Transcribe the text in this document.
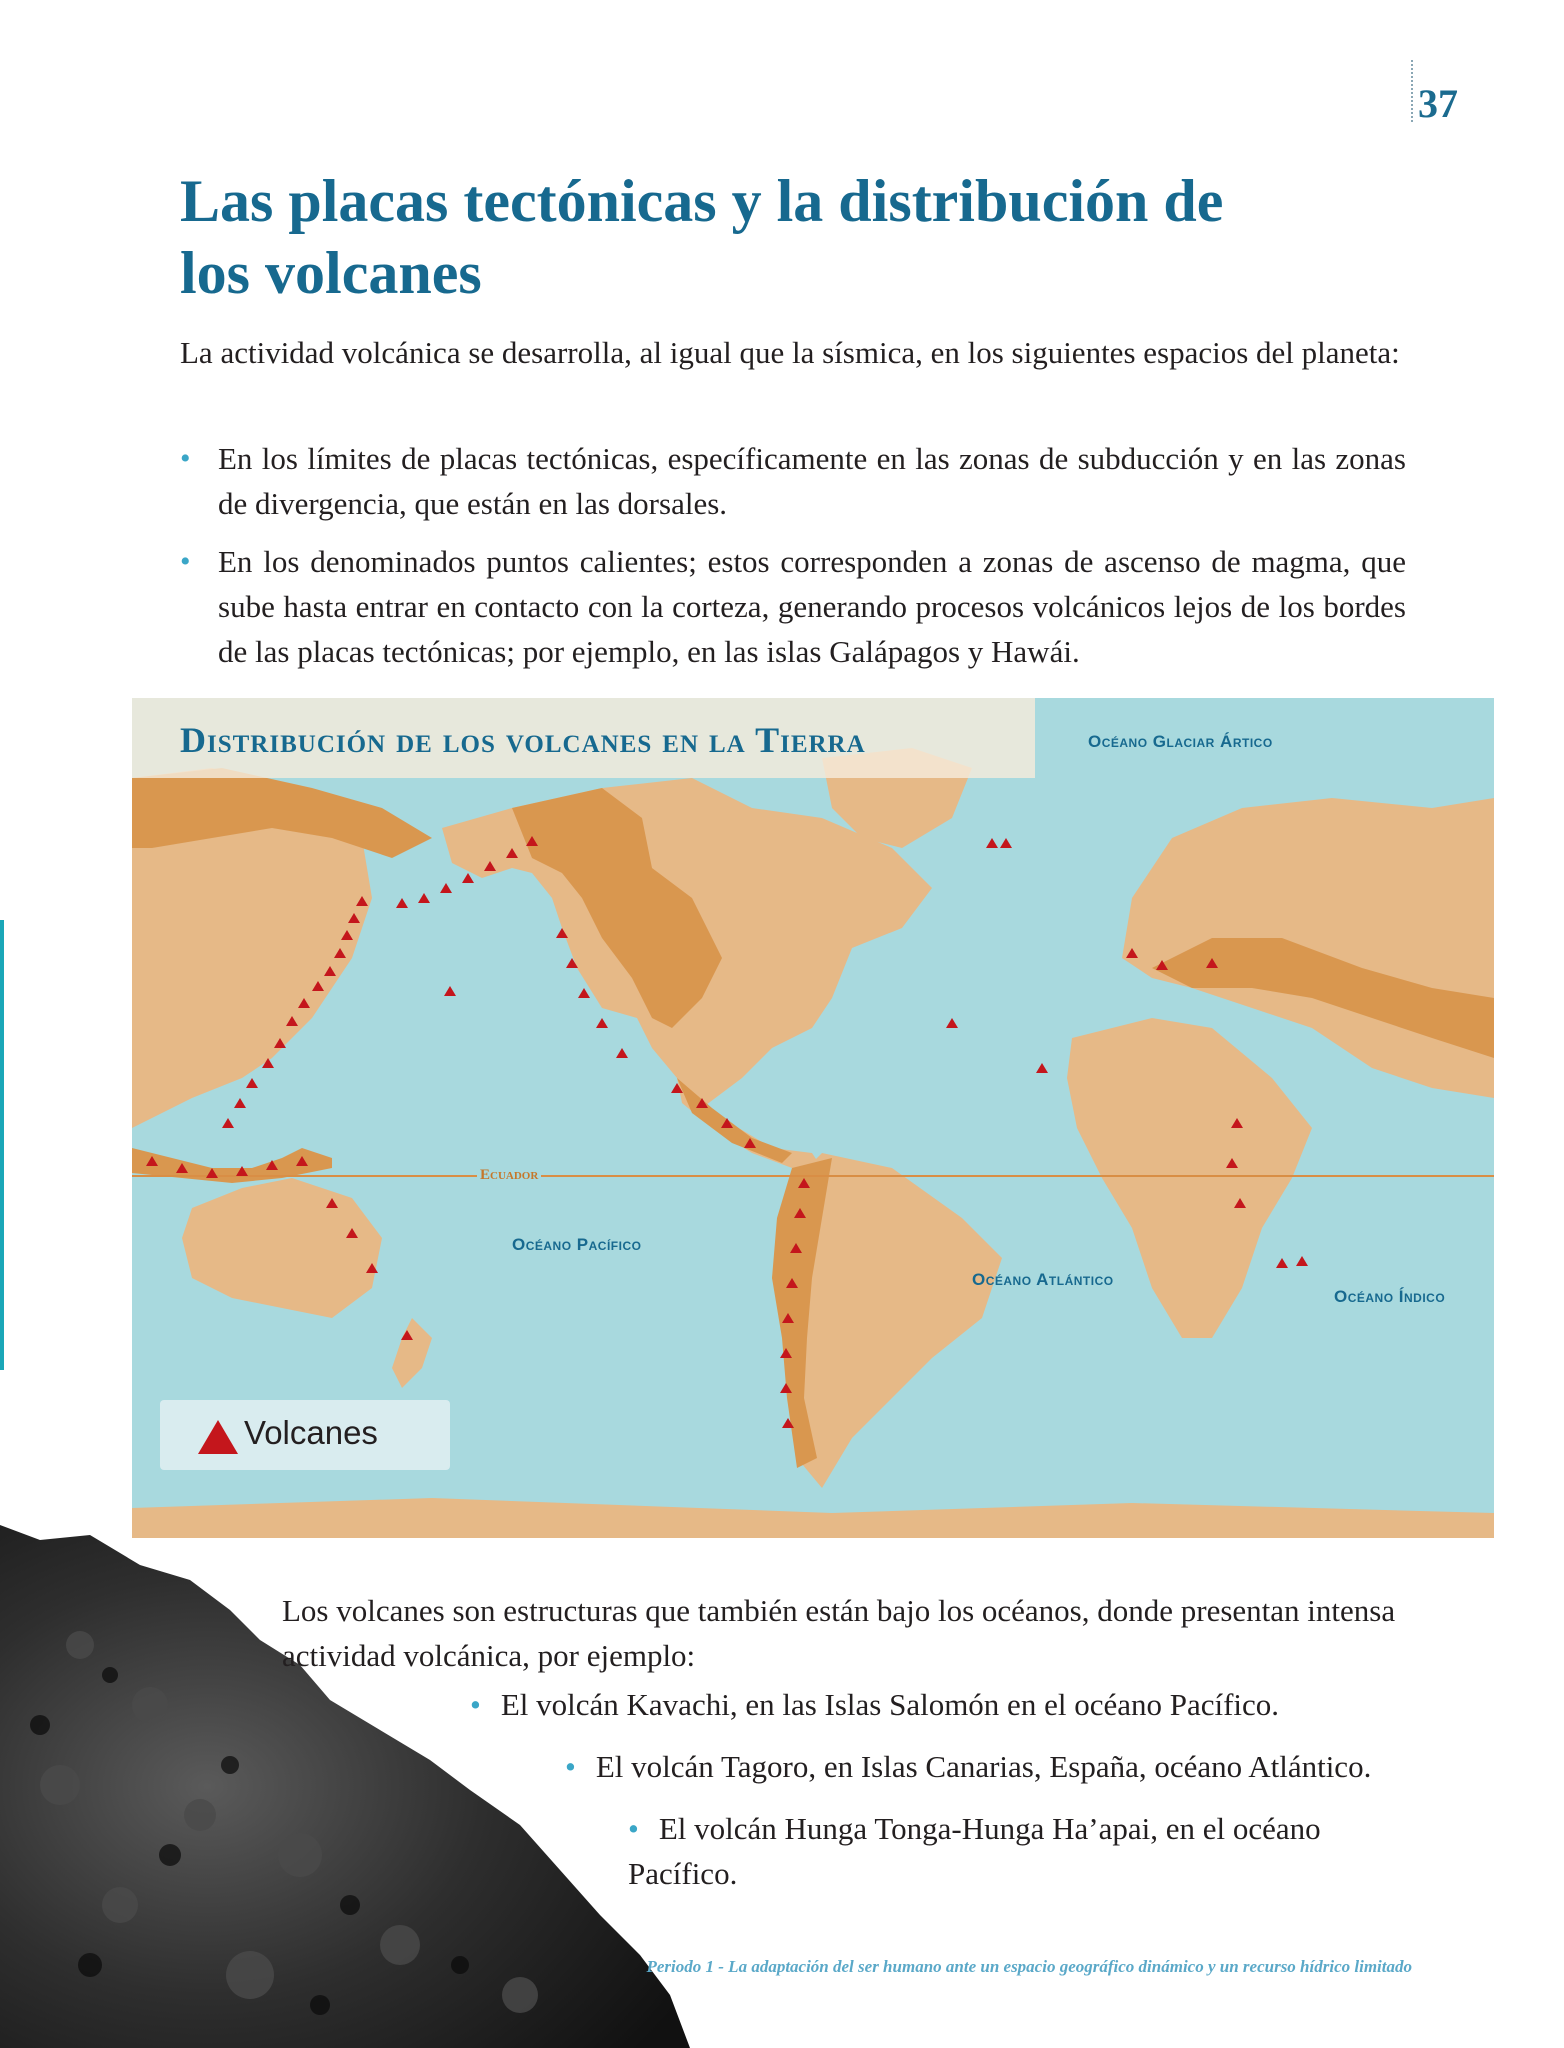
37
Las placas tectónicas y la distribución de los volcanes

La actividad volcánica se desarrolla, al igual que la sísmica, en los siguientes espacios del planeta:

• En los límites de placas tectónicas, específicamente en las zonas de subducción y en las zonas de divergencia, que están en las dorsales.
• En los denominados puntos calientes; estos corresponden a zonas de ascenso de magma, que sube hasta entrar en contacto con la corteza, generando procesos volcánicos lejos de los bordes de las placas tectónicas; por ejemplo, en las islas Galápagos y Hawái.
Distribución de los volcanes en la Tierra	Océano Glaciar Ártico
Océano Pacífico
Océano Atlántico
Océano Índico
Ecuador
Volcanes

Los volcanes son estructuras que también están bajo los océanos, donde presentan intensa actividad volcánica, por ejemplo:

• El volcán Kavachi, en las Islas Salomón en el océano Pacífico.
• El volcán Tagoro, en Islas Canarias, España, océano Atlántico.
• El volcán Hunga Tonga-Hunga Ha’apai, en el océano Pacífico.
Periodo 1 - La adaptación del ser humano ante un espacio geográfico dinámico y un recurso hídrico limitado
